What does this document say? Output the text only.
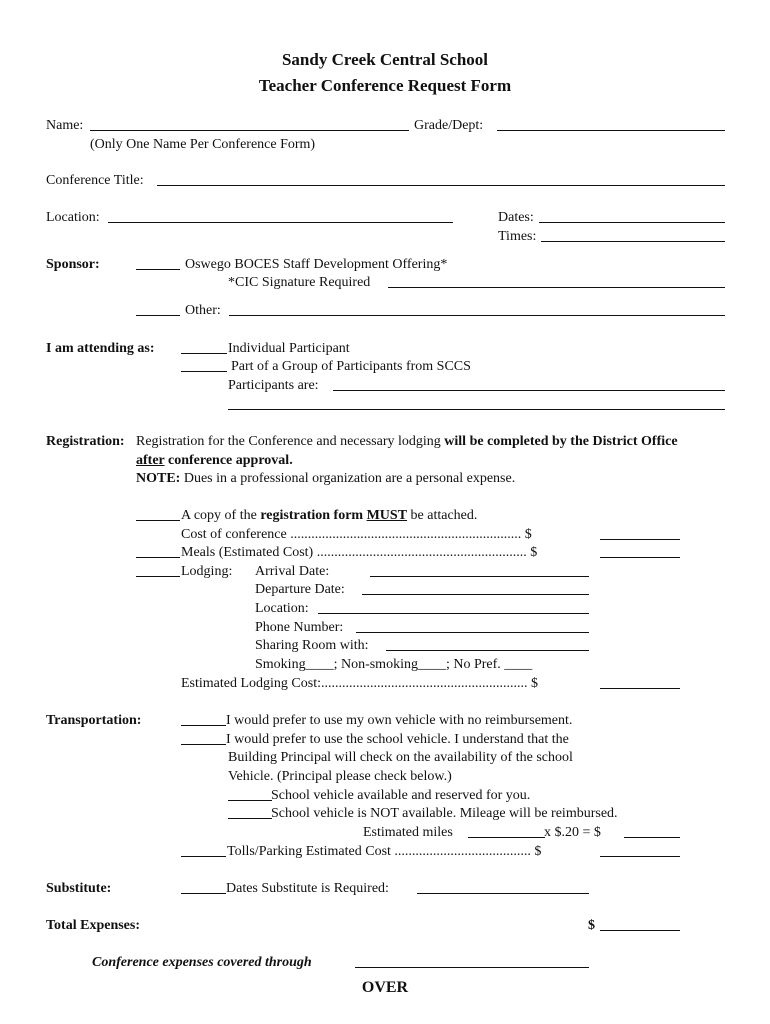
Sandy Creek Central School
Teacher Conference Request Form
Name:	Grade/Dept:
(Only One Name Per Conference Form)
Conference Title:
Location:	Dates:
Times:
Sponsor:	Oswego BOCES Staff Development Offering*
*CIC Signature Required
Other:
I am attending as:	Individual Participant
Part of a Group of Participants from SCCS
Participants are:
Registration: Registration for the Conference and necessary lodging will be completed by the District Office
after conference approval.
NOTE: Dues in a professional organization are a personal expense.
A copy of the registration form MUST be attached.
Cost of conference .................................................................. $
Meals (Estimated Cost) ............................................................ $
Lodging: Arrival Date:
Departure Date:
Location:
Phone Number:
Sharing Room with:
Smoking____; Non-smoking____; No Pref. ____
Estimated Lodging Cost:........................................................... $
Transportation:	I would prefer to use my own vehicle with no reimbursement.
I would prefer to use the school vehicle. I understand that the
Building Principal will check on the availability of the school
Vehicle. (Principal please check below.)
School vehicle available and reserved for you.
School vehicle is NOT available. Mileage will be reimbursed.
Estimated miles	x $.20 = $
Tolls/Parking Estimated Cost ....................................... $
Substitute:	Dates Substitute is Required:
Total Expenses:	$
Conference expenses covered through
OVER
